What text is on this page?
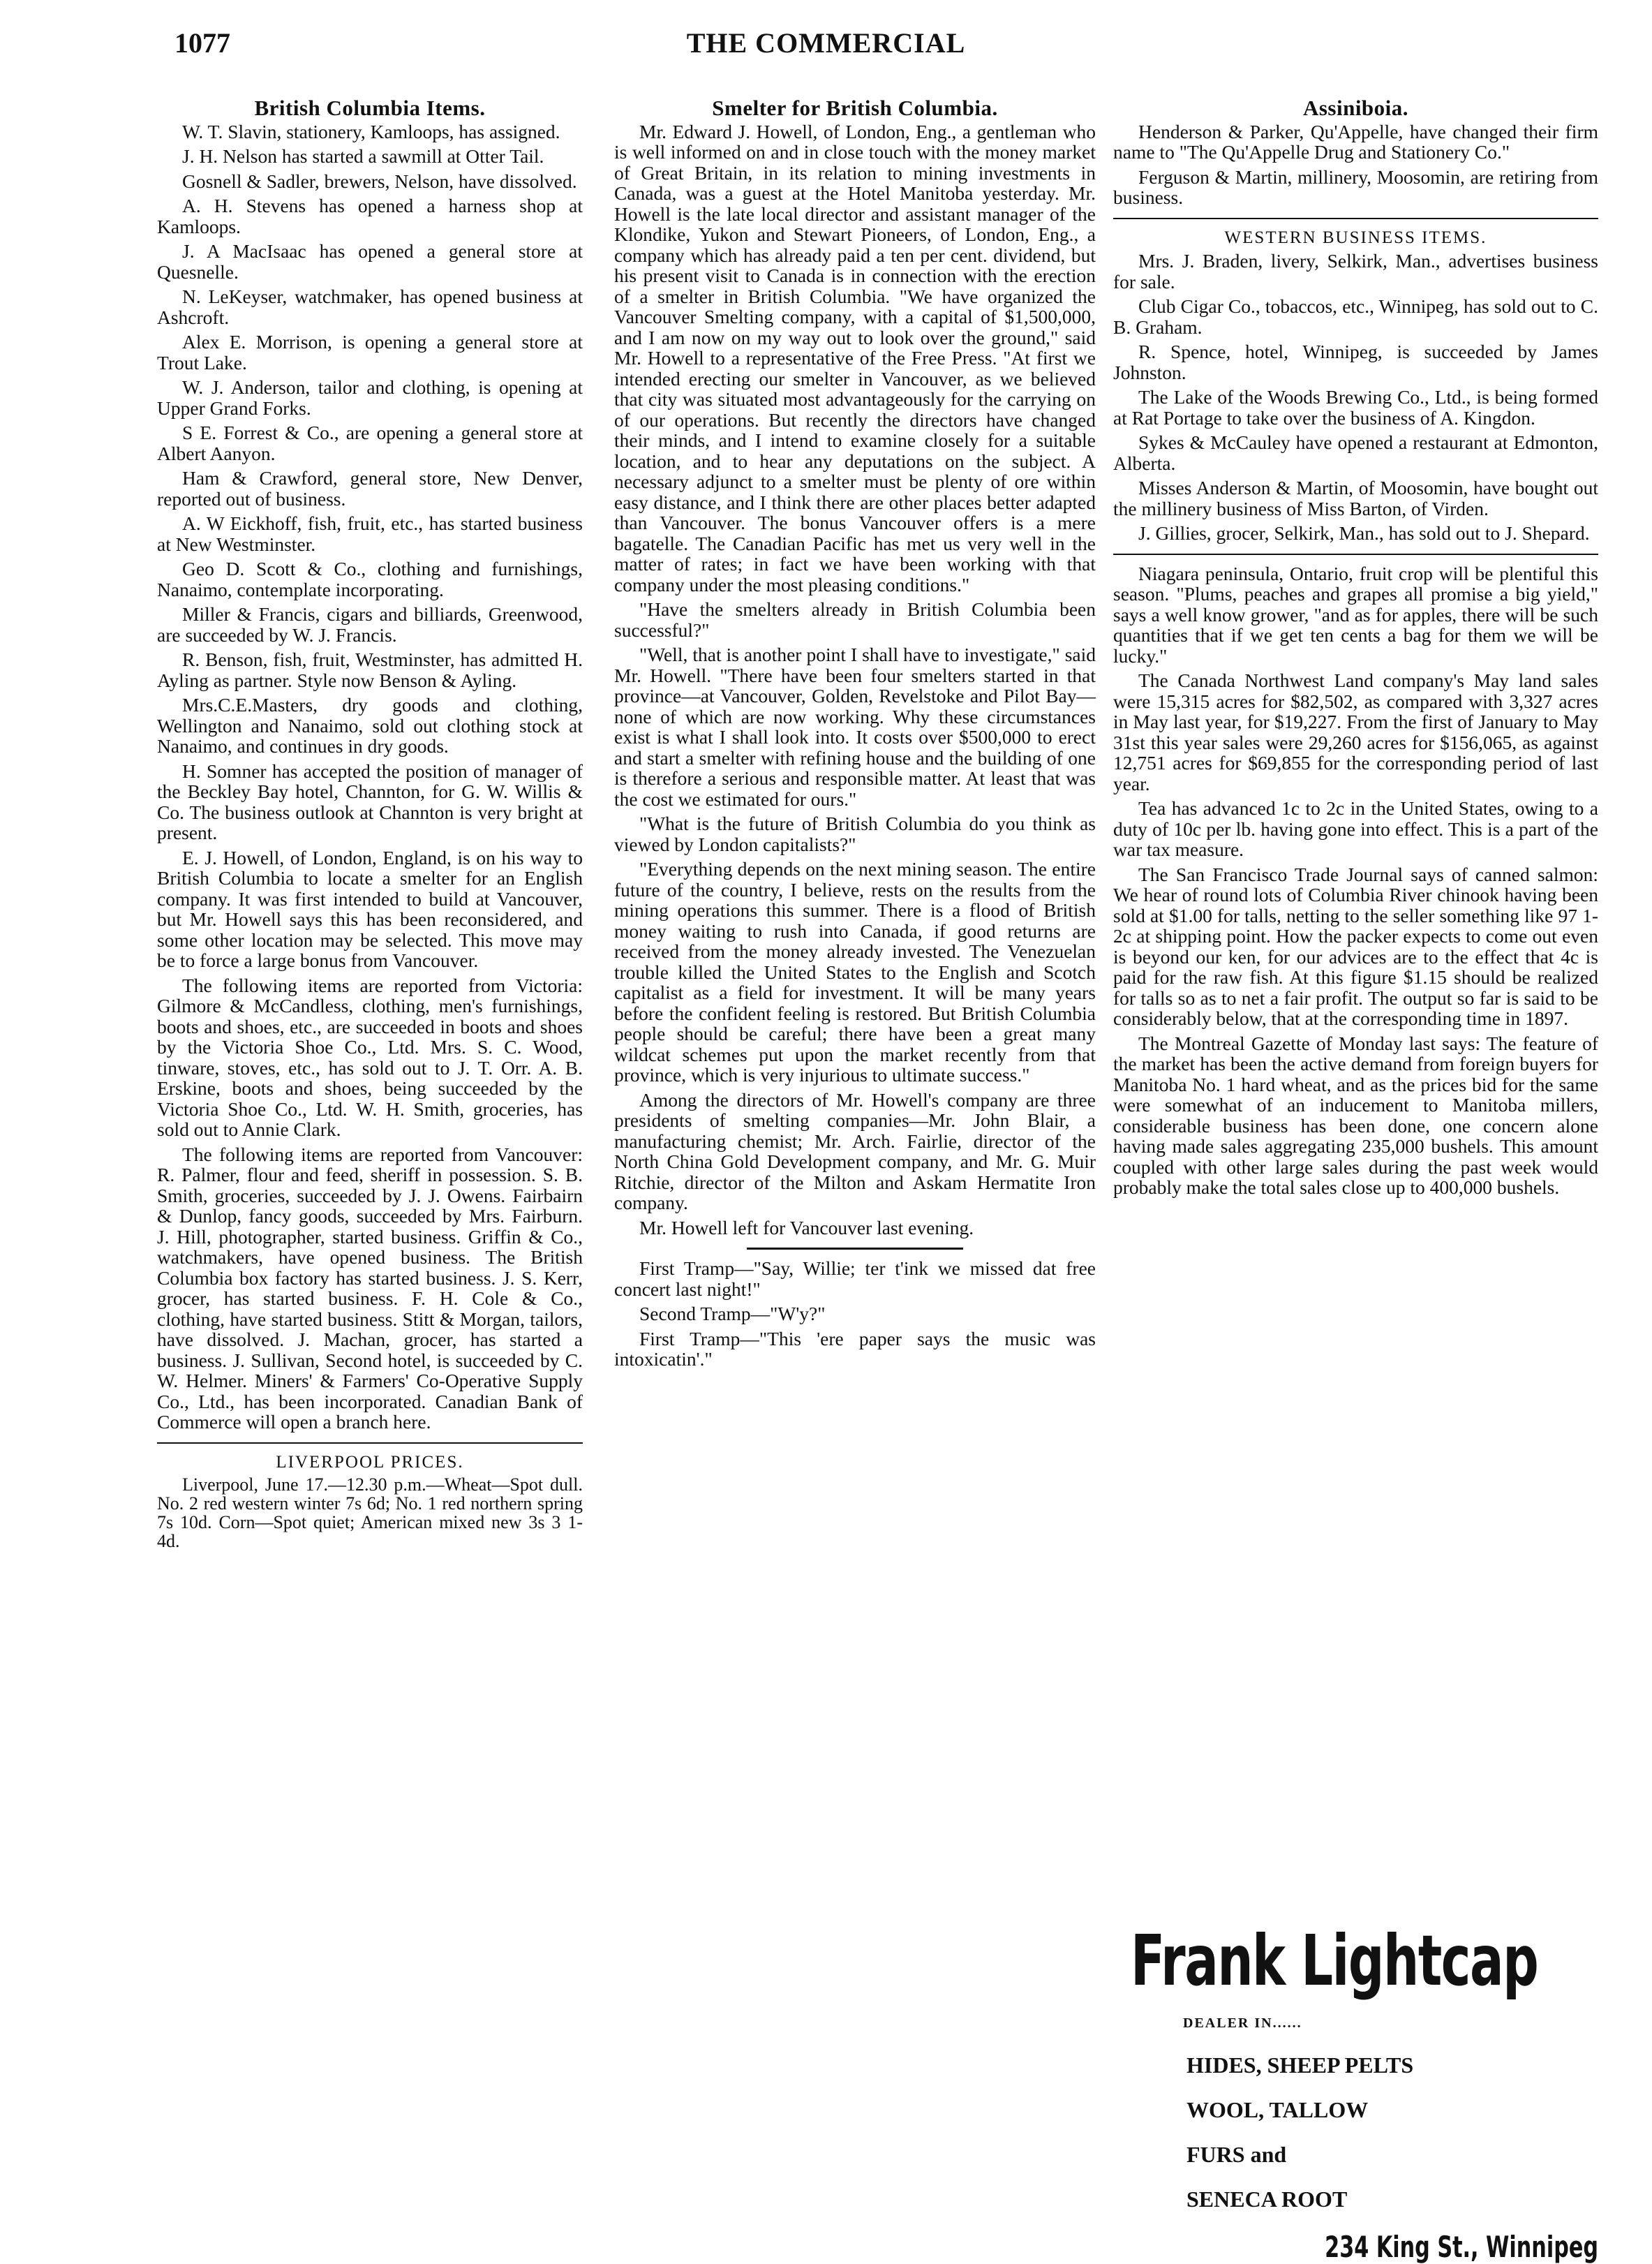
1077	THE COMMERCIAL
British Columbia Items.

W. T. Slavin, stationery, Kamloops, has assigned.

J. H. Nelson has started a sawmill at Otter Tail.

Gosnell & Sadler, brewers, Nelson, have dissolved.

A. H. Stevens has opened a harness shop at Kamloops.

J. A MacIsaac has opened a general store at Quesnelle.

N. LeKeyser, watchmaker, has opened business at Ashcroft.

Alex E. Morrison, is opening a general store at Trout Lake.

W. J. Anderson, tailor and clothing, is opening at Upper Grand Forks.

S E. Forrest & Co., are opening a general store at Albert Aanyon.

Ham & Crawford, general store, New Denver, reported out of business.

A. W Eickhoff, fish, fruit, etc., has started business at New Westminster.

Geo D. Scott & Co., clothing and furnishings, Nanaimo, contemplate incorporating.

Miller & Francis, cigars and billiards, Greenwood, are succeeded by W. J. Francis.

R. Benson, fish, fruit, Westminster, has admitted H. Ayling as partner. Style now Benson & Ayling.

Mrs.C.E.Masters, dry goods and clothing, Wellington and Nanaimo, sold out clothing stock at Nanaimo, and continues in dry goods.

H. Somner has accepted the position of manager of the Beckley Bay hotel, Channton, for G. W. Willis & Co. The business outlook at Channton is very bright at present.

E. J. Howell, of London, England, is on his way to British Columbia to locate a smelter for an English company. It was first intended to build at Vancouver, but Mr. Howell says this has been reconsidered, and some other location may be selected. This move may be to force a large bonus from Vancouver.

The following items are reported from Victoria: Gilmore & McCandless, clothing, men's furnishings, boots and shoes, etc., are succeeded in boots and shoes by the Victoria Shoe Co., Ltd. Mrs. S. C. Wood, tinware, stoves, etc., has sold out to J. T. Orr. A. B. Erskine, boots and shoes, being succeeded by the Victoria Shoe Co., Ltd. W. H. Smith, groceries, has sold out to Annie Clark.

The following items are reported from Vancouver: R. Palmer, flour and feed, sheriff in possession. S. B. Smith, groceries, succeeded by J. J. Owens. Fairbairn & Dunlop, fancy goods, succeeded by Mrs. Fairburn. J. Hill, photographer, started business. Griffin & Co., watchmakers, have opened business. The British Columbia box factory has started business. J. S. Kerr, grocer, has started business. F. H. Cole & Co., clothing, have started business. Stitt & Morgan, tailors, have dissolved. J. Machan, grocer, has started a business. J. Sullivan, Second hotel, is succeeded by C. W. Helmer. Miners' & Farmers' Co-Operative Supply Co., Ltd., has been incorporated. Canadian Bank of Commerce will open a branch here.

LIVERPOOL PRICES.

Liverpool, June 17.—12.30 p.m.—Wheat—Spot dull. No. 2 red western winter 7s 6d; No. 1 red northern spring 7s 10d. Corn—Spot quiet; American mixed new 3s 3 1-4d.

Smelter for British Columbia.

Mr. Edward J. Howell, of London, Eng., a gentleman who is well informed on and in close touch with the money market of Great Britain, in its relation to mining investments in Canada, was a guest at the Hotel Manitoba yesterday. Mr. Howell is the late local director and assistant manager of the Klondike, Yukon and Stewart Pioneers, of London, Eng., a company which has already paid a ten per cent. dividend, but his present visit to Canada is in connection with the erection of a smelter in British Columbia. "We have organized the Vancouver Smelting company, with a capital of $1,500,000, and I am now on my way out to look over the ground," said Mr. Howell to a representative of the Free Press. "At first we intended erecting our smelter in Vancouver, as we believed that city was situated most advantageously for the carrying on of our operations. But recently the directors have changed their minds, and I intend to examine closely for a suitable location, and to hear any deputations on the subject. A necessary adjunct to a smelter must be plenty of ore within easy distance, and I think there are other places better adapted than Vancouver. The bonus Vancouver offers is a mere bagatelle. The Canadian Pacific has met us very well in the matter of rates; in fact we have been working with that company under the most pleasing conditions."

"Have the smelters already in British Columbia been successful?"

"Well, that is another point I shall have to investigate," said Mr. Howell. "There have been four smelters started in that province—at Vancouver, Golden, Revelstoke and Pilot Bay—none of which are now working. Why these circumstances exist is what I shall look into. It costs over $500,000 to erect and start a smelter with refining house and the building of one is therefore a serious and responsible matter. At least that was the cost we estimated for ours."

"What is the future of British Columbia do you think as viewed by London capitalists?"

"Everything depends on the next mining season. The entire future of the country, I believe, rests on the results from the mining operations this summer. There is a flood of British money waiting to rush into Canada, if good returns are received from the money already invested. The Venezuelan trouble killed the United States to the English and Scotch capitalist as a field for investment. It will be many years before the confident feeling is restored. But British Columbia people should be careful; there have been a great many wildcat schemes put upon the market recently from that province, which is very injurious to ultimate success."

Among the directors of Mr. Howell's company are three presidents of smelting companies—Mr. John Blair, a manufacturing chemist; Mr. Arch. Fairlie, director of the North China Gold Development company, and Mr. G. Muir Ritchie, director of the Milton and Askam Hermatite Iron company.

Mr. Howell left for Vancouver last evening.

First Tramp—"Say, Willie; ter t'ink we missed dat free concert last night!"

Second Tramp—"W'y?"

First Tramp—"This 'ere paper says the music was intoxicatin'."

Assiniboia.

Henderson & Parker, Qu'Appelle, have changed their firm name to "The Qu'Appelle Drug and Stationery Co."

Ferguson & Martin, millinery, Moosomin, are retiring from business.

WESTERN BUSINESS ITEMS.

Mrs. J. Braden, livery, Selkirk, Man., advertises business for sale.

Club Cigar Co., tobaccos, etc., Winnipeg, has sold out to C. B. Graham.

R. Spence, hotel, Winnipeg, is succeeded by James Johnston.

The Lake of the Woods Brewing Co., Ltd., is being formed at Rat Portage to take over the business of A. Kingdon.

Sykes & McCauley have opened a restaurant at Edmonton, Alberta.

Misses Anderson & Martin, of Moosomin, have bought out the millinery business of Miss Barton, of Virden.

J. Gillies, grocer, Selkirk, Man., has sold out to J. Shepard.

Niagara peninsula, Ontario, fruit crop will be plentiful this season. "Plums, peaches and grapes all promise a big yield," says a well know grower, "and as for apples, there will be such quantities that if we get ten cents a bag for them we will be lucky."

The Canada Northwest Land company's May land sales were 15,315 acres for $82,502, as compared with 3,327 acres in May last year, for $19,227. From the first of January to May 31st this year sales were 29,260 acres for $156,065, as against 12,751 acres for $69,855 for the corresponding period of last year.

Tea has advanced 1c to 2c in the United States, owing to a duty of 10c per lb. having gone into effect. This is a part of the war tax measure.

The San Francisco Trade Journal says of canned salmon: We hear of round lots of Columbia River chinook having been sold at $1.00 for talls, netting to the seller something like 97 1-2c at shipping point. How the packer expects to come out even is beyond our ken, for our advices are to the effect that 4c is paid for the raw fish. At this figure $1.15 should be realized for talls so as to net a fair profit. The output so far is said to be considerably below, that at the corresponding time in 1897.

The Montreal Gazette of Monday last says: The feature of the market has been the active demand from foreign buyers for Manitoba No. 1 hard wheat, and as the prices bid for the same were somewhat of an inducement to Manitoba millers, considerable business has been done, one concern alone having made sales aggregating 235,000 bushels. This amount coupled with other large sales during the past week would probably make the total sales close up to 400,000 bushels.

Frank Lightcap
DEALER IN......
HIDES, SHEEP PELTS
WOOL, TALLOW
FURS and
SENECA ROOT
234 King St., Winnipeg
